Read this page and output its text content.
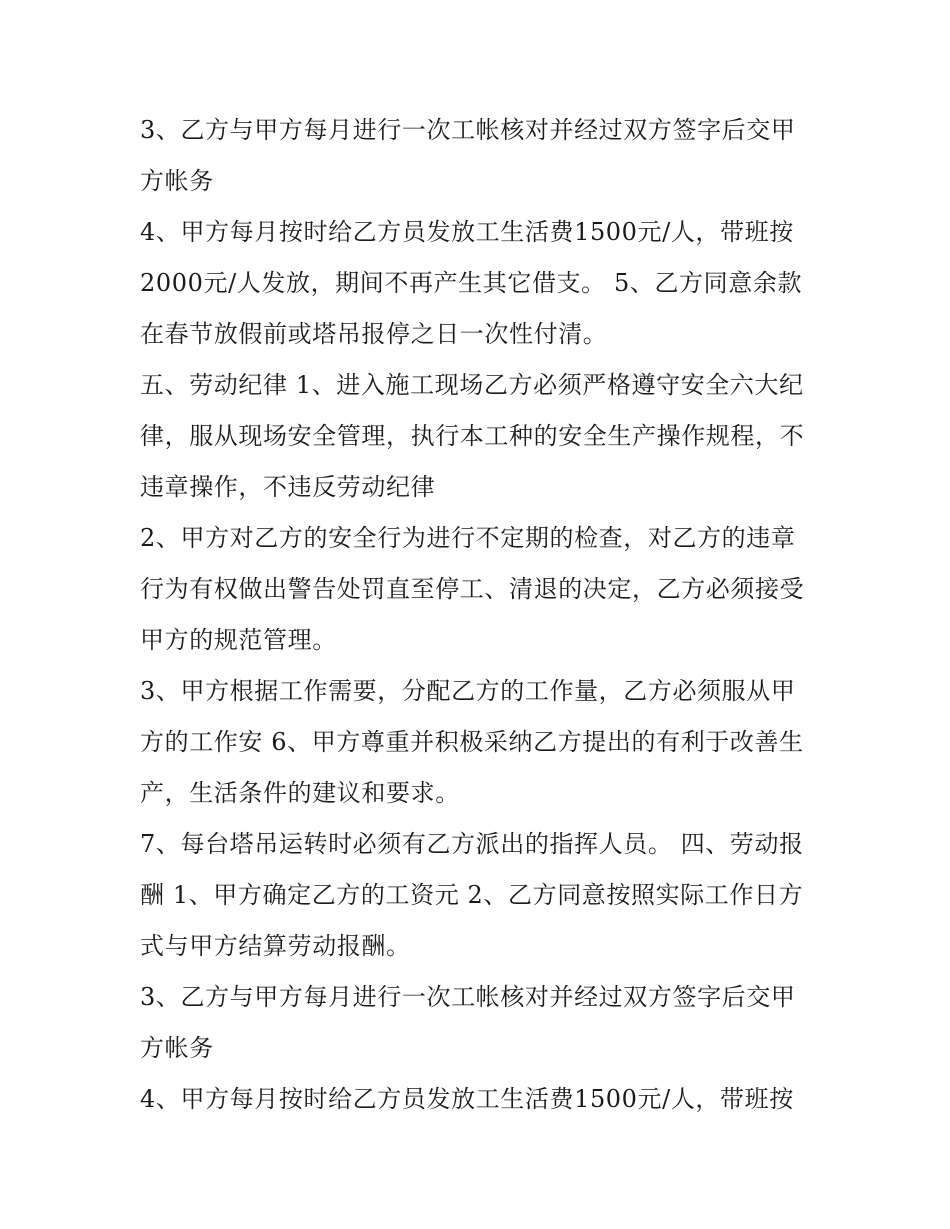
3、乙方与甲方每月进行一次工帐核对并经过双方签字后交甲
方帐务
4、甲方每月按时给乙方员发放工生活费1500元/人，带班按
2000元/人发放，期间不再产生其它借支。 5、乙方同意余款
在春节放假前或塔吊报停之日一次性付清。
五、劳动纪律 1、进入施工现场乙方必须严格遵守安全六大纪
律，服从现场安全管理，执行本工种的安全生产操作规程，不
违章操作，不违反劳动纪律
2、甲方对乙方的安全行为进行不定期的检查，对乙方的违章
行为有权做出警告处罚直至停工、清退的决定，乙方必须接受
甲方的规范管理。
3、甲方根据工作需要，分配乙方的工作量，乙方必须服从甲
方的工作安 6、甲方尊重并积极采纳乙方提出的有利于改善生
产，生活条件的建议和要求。
7、每台塔吊运转时必须有乙方派出的指挥人员。 四、劳动报
酬 1、甲方确定乙方的工资元 2、乙方同意按照实际工作日方
式与甲方结算劳动报酬。
3、乙方与甲方每月进行一次工帐核对并经过双方签字后交甲
方帐务
4、甲方每月按时给乙方员发放工生活费1500元/人，带班按
